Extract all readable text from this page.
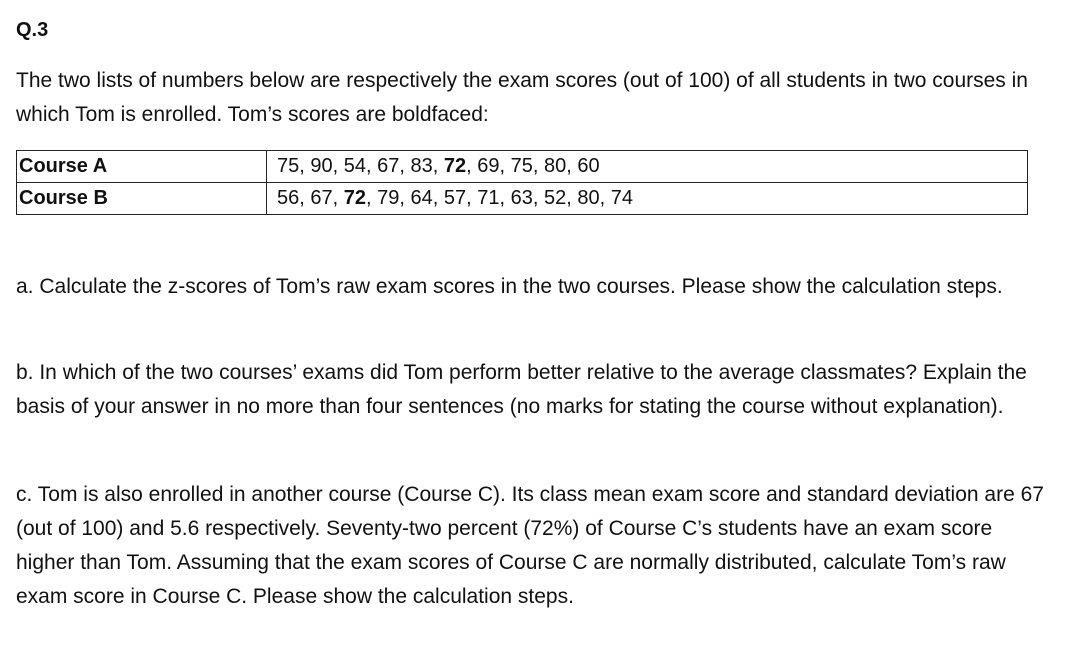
Q.3
The two lists of numbers below are respectively the exam scores (out of 100) of all students in two courses in which Tom is enrolled. Tom’s scores are boldfaced:
Course A	75, 90, 54, 67, 83, 72, 69, 75, 80, 60
Course B	56, 67, 72, 79, 64, 57, 71, 63, 52, 80, 74
a. Calculate the z-scores of Tom’s raw exam scores in the two courses. Please show the calculation steps.
b. In which of the two courses’ exams did Tom perform better relative to the average classmates? Explain the basis of your answer in no more than four sentences (no marks for stating the course without explanation).
c. Tom is also enrolled in another course (Course C). Its class mean exam score and standard deviation are 67 (out of 100) and 5.6 respectively. Seventy-two percent (72%) of Course C’s students have an exam score higher than Tom. Assuming that the exam scores of Course C are normally distributed, calculate Tom’s raw exam score in Course C. Please show the calculation steps.
